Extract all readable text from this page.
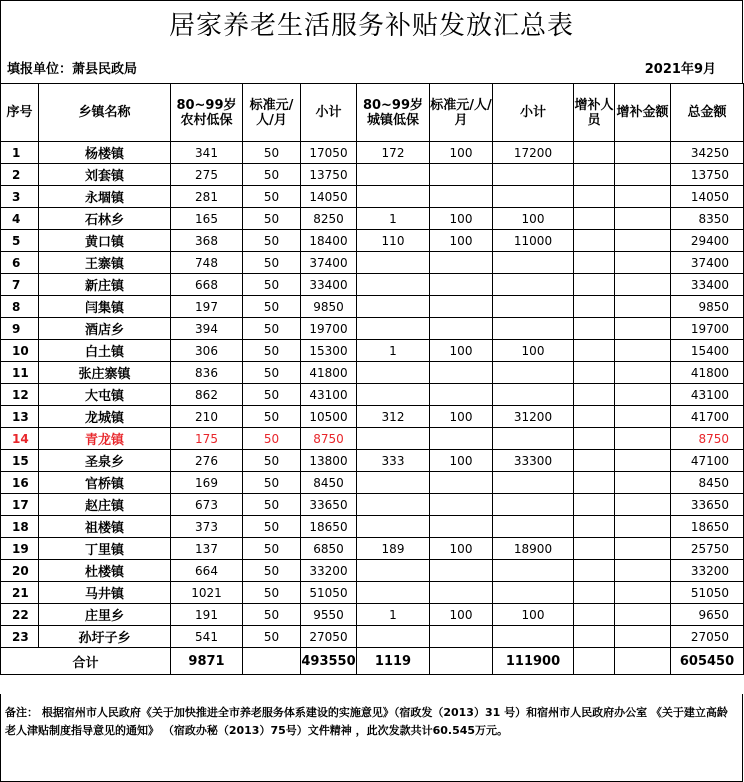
居家养老生活服务补贴发放汇总表
填报单位：萧县民政局	2021年9月
序号	乡镇名称	80~99岁农村低保	标准元/人/月	小计	80~99岁城镇低保	标准元/人/月	小计	增补人员	增补金额	总金额
1	杨楼镇	341	50	17050	172	100	17200			34250
2	刘套镇	275	50	13750						13750
3	永堌镇	281	50	14050						14050
4	石林乡	165	50	8250	1	100	100			8350
5	黄口镇	368	50	18400	110	100	11000			29400
6	王寨镇	748	50	37400						37400
7	新庄镇	668	50	33400						33400
8	闫集镇	197	50	9850						9850
9	酒店乡	394	50	19700						19700
10	白土镇	306	50	15300	1	100	100			15400
11	张庄寨镇	836	50	41800						41800
12	大屯镇	862	50	43100						43100
13	龙城镇	210	50	10500	312	100	31200			41700
14	青龙镇	175	50	8750						8750
15	圣泉乡	276	50	13800	333	100	33300			47100
16	官桥镇	169	50	8450						8450
17	赵庄镇	673	50	33650						33650
18	祖楼镇	373	50	18650						18650
19	丁里镇	137	50	6850	189	100	18900			25750
20	杜楼镇	664	50	33200						33200
21	马井镇	1021	50	51050						51050
22	庄里乡	191	50	9550	1	100	100			9650
23	孙圩子乡	541	50	27050						27050
合计		9871		493550	1119		111900			605450
备注： 根据宿州市人民政府《关于加快推进全市养老服务体系建设的实施意见》（宿政发（2013）31 号）和宿州市人民政府办公室 《关于建立高龄老人津贴制度指导意见的通知》 （宿政办秘（2013）75号）文件精神 ，此次发款共计60.545万元。
